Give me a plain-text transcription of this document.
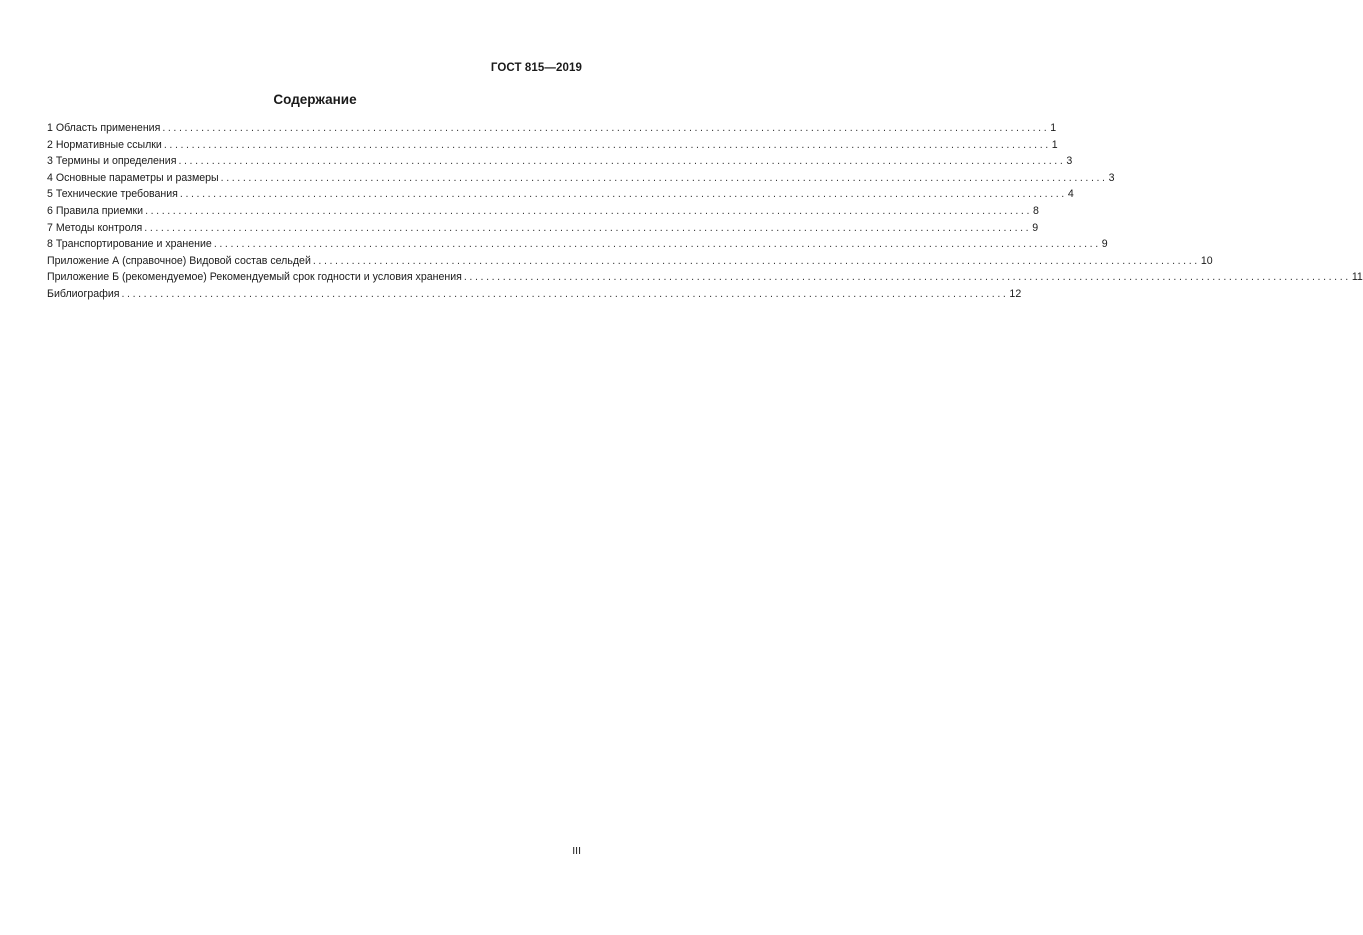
ГОСТ 815—2019
Содержание
1 Область применения ................................................................................................................................................................ 1
2 Нормативные ссылки ................................................................................................................................................................ 1
3 Термины и определения ................................................................................................................................................................ 3
4 Основные параметры и размеры ................................................................................................................................................................ 3
5 Технические требования ................................................................................................................................................................ 4
6 Правила приемки ................................................................................................................................................................ 8
7 Методы контроля ................................................................................................................................................................ 9
8 Транспортирование и хранение ................................................................................................................................................................ 9
Приложение А (справочное) Видовой состав сельдей ................................................................................................................................................................ 10
Приложение Б (рекомендуемое) Рекомендуемый срок годности и условия хранения ................................................................................................................................................................ 11
Библиография ................................................................................................................................................................ 12
III
